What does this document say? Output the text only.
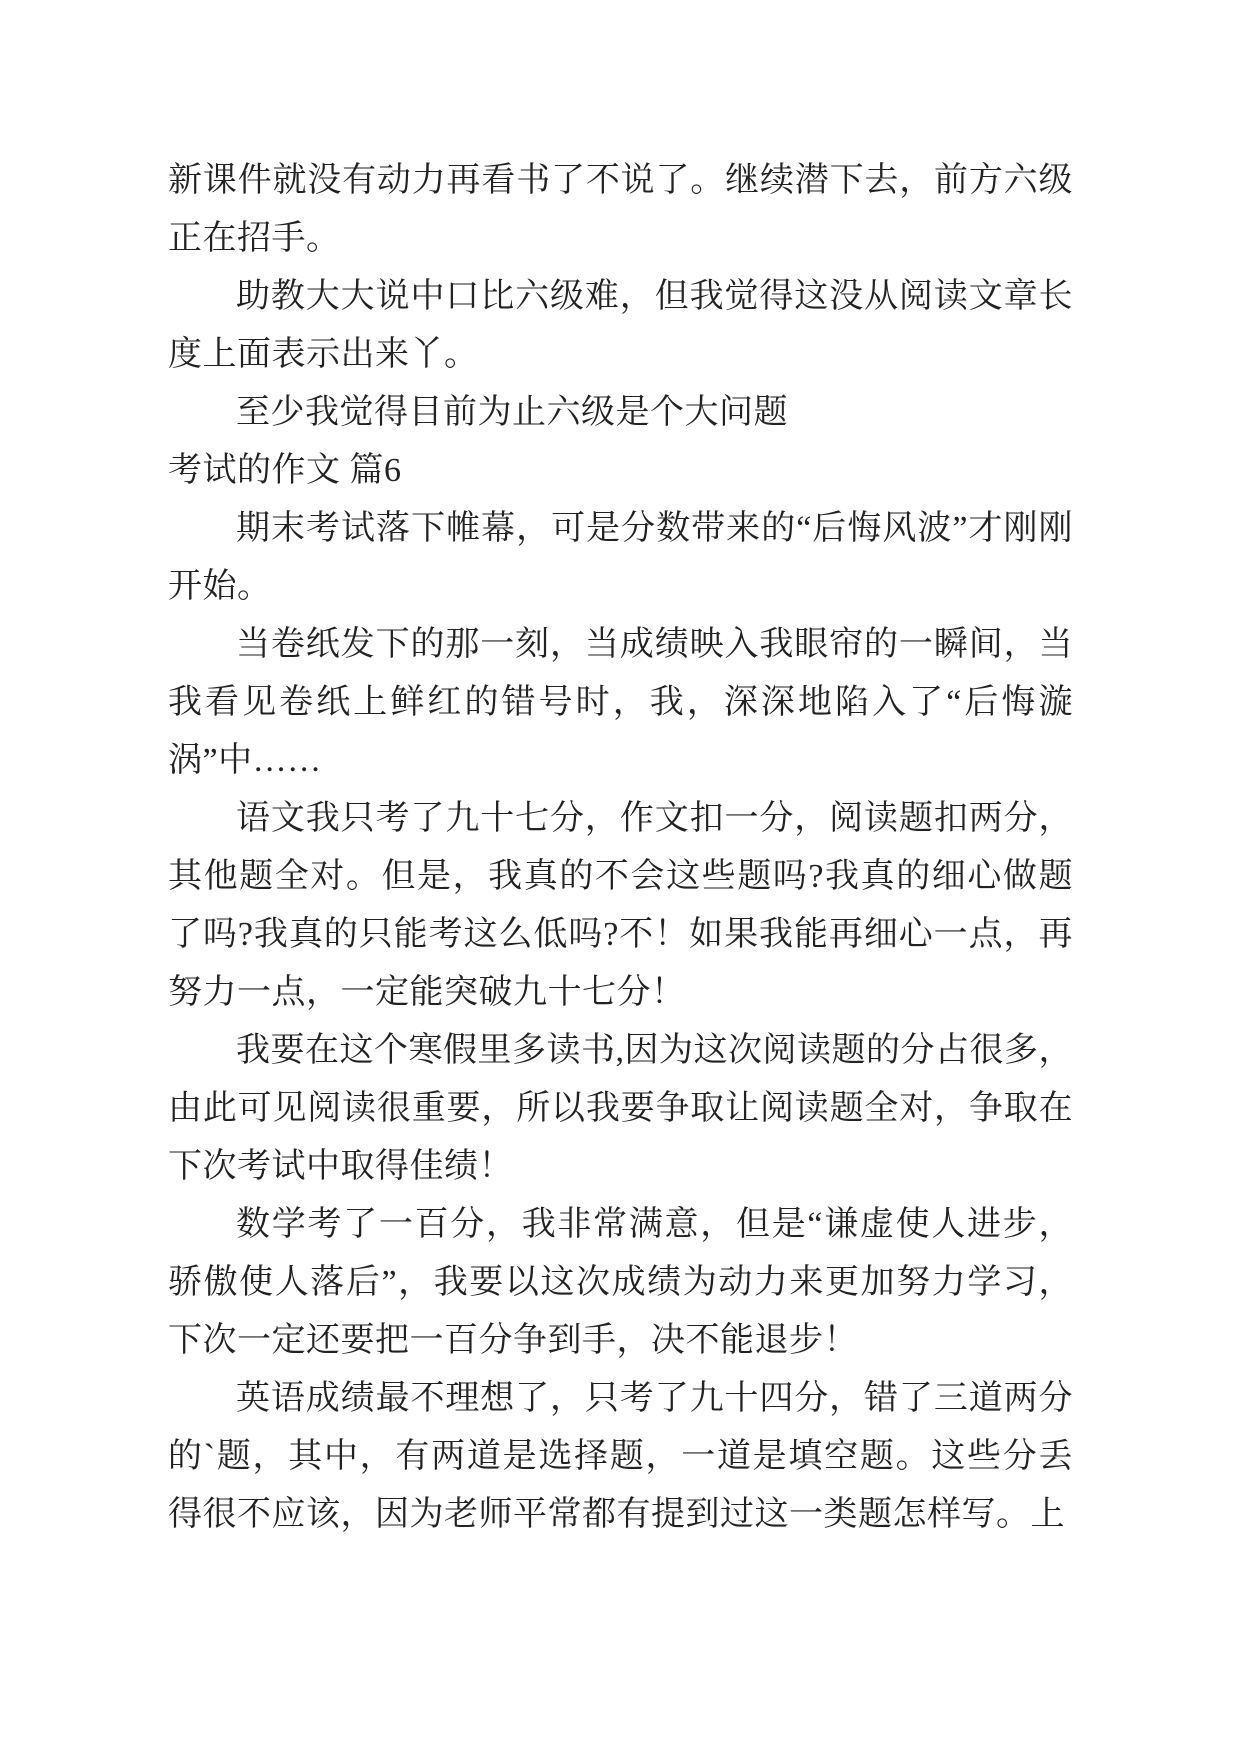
新课件就没有动力再看书了不说了。继续潜下去，前方六级正在招手。

助教大大说中口比六级难，但我觉得这没从阅读文章长度上面表示出来丫。

至少我觉得目前为止六级是个大问题

考试的作文 篇6

期末考试落下帷幕，可是分数带来的“后悔风波”才刚刚开始。

当卷纸发下的那一刻，当成绩映入我眼帘的一瞬间，当我看见卷纸上鲜红的错号时，我，深深地陷入了“后悔漩涡”中……

语文我只考了九十七分，作文扣一分，阅读题扣两分，其他题全对。但是，我真的不会这些题吗?我真的细心做题了吗?我真的只能考这么低吗?不！如果我能再细心一点，再努力一点，一定能突破九十七分！

我要在这个寒假里多读书,因为这次阅读题的分占很多，由此可见阅读很重要，所以我要争取让阅读题全对，争取在下次考试中取得佳绩！

数学考了一百分，我非常满意，但是“谦虚使人进步，骄傲使人落后”，我要以这次成绩为动力来更加努力学习，下次一定还要把一百分争到手，决不能退步！

英语成绩最不理想了，只考了九十四分，错了三道两分的`题，其中，有两道是选择题，一道是填空题。这些分丢得很不应该，因为老师平常都有提到过这一类题怎样写。上
